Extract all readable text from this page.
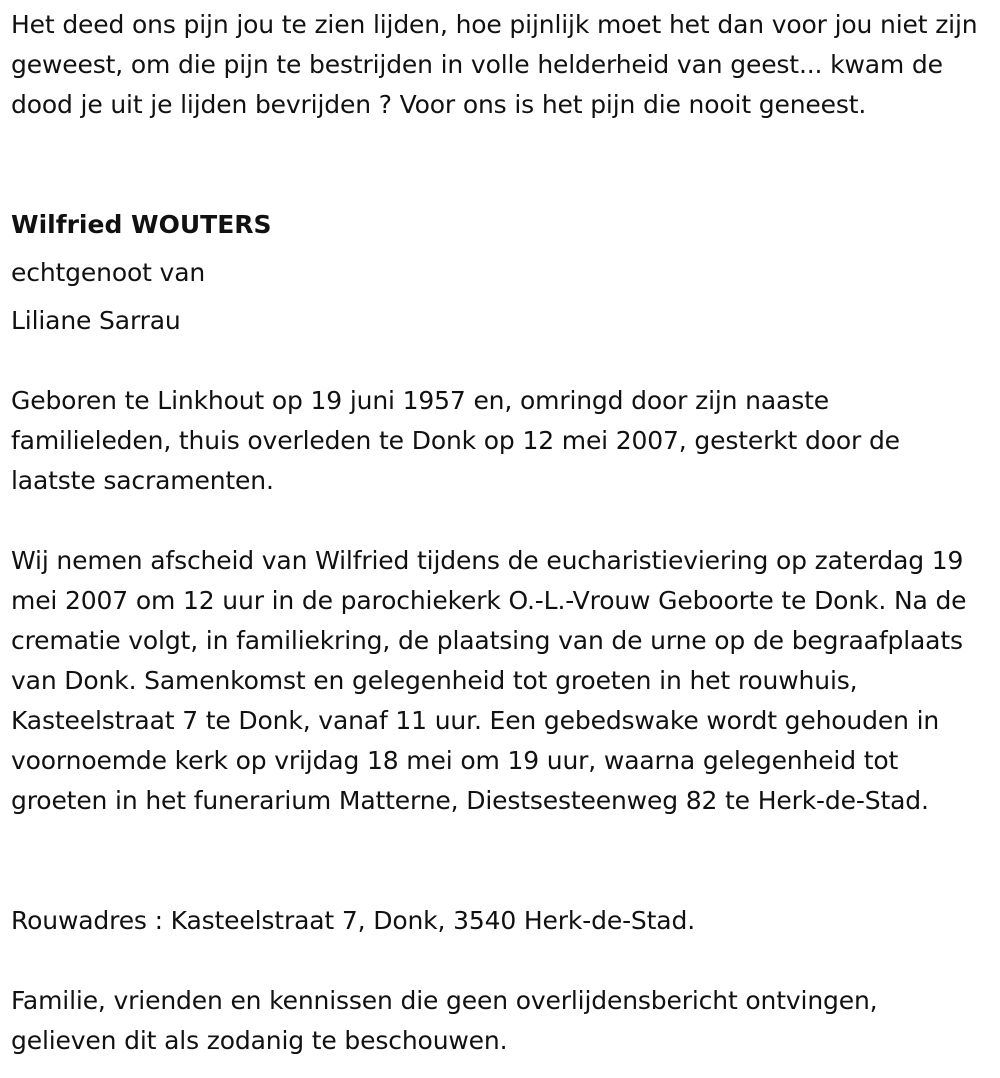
Het deed ons pijn jou te zien lijden, hoe pijnlijk moet het dan voor jou niet zijn geweest, om die pijn te bestrijden in volle helderheid van geest... kwam de dood je uit je lijden bevrijden ? Voor ons is het pijn die nooit geneest.

Wilfried WOUTERS

echtgenoot van

Liliane Sarrau

Geboren te Linkhout op 19 juni 1957 en, omringd door zijn naaste familieleden, thuis overleden te Donk op 12 mei 2007, gesterkt door de laatste sacramenten.

Wij nemen afscheid van Wilfried tijdens de eucharistieviering op zaterdag 19 mei 2007 om 12 uur in de parochiekerk O.-L.-Vrouw Geboorte te Donk. Na de crematie volgt, in familiekring, de plaatsing van de urne op de begraafplaats van Donk. Samenkomst en gelegenheid tot groeten in het rouwhuis, Kasteelstraat 7 te Donk, vanaf 11 uur. Een gebedswake wordt gehouden in voornoemde kerk op vrijdag 18 mei om 19 uur, waarna gelegenheid tot groeten in het funerarium Matterne, Diestsesteenweg 82 te Herk-de-Stad.

Rouwadres : Kasteelstraat 7, Donk, 3540 Herk-de-Stad.

Familie, vrienden en kennissen die geen overlijdensbericht ontvingen, gelieven dit als zodanig te beschouwen.
